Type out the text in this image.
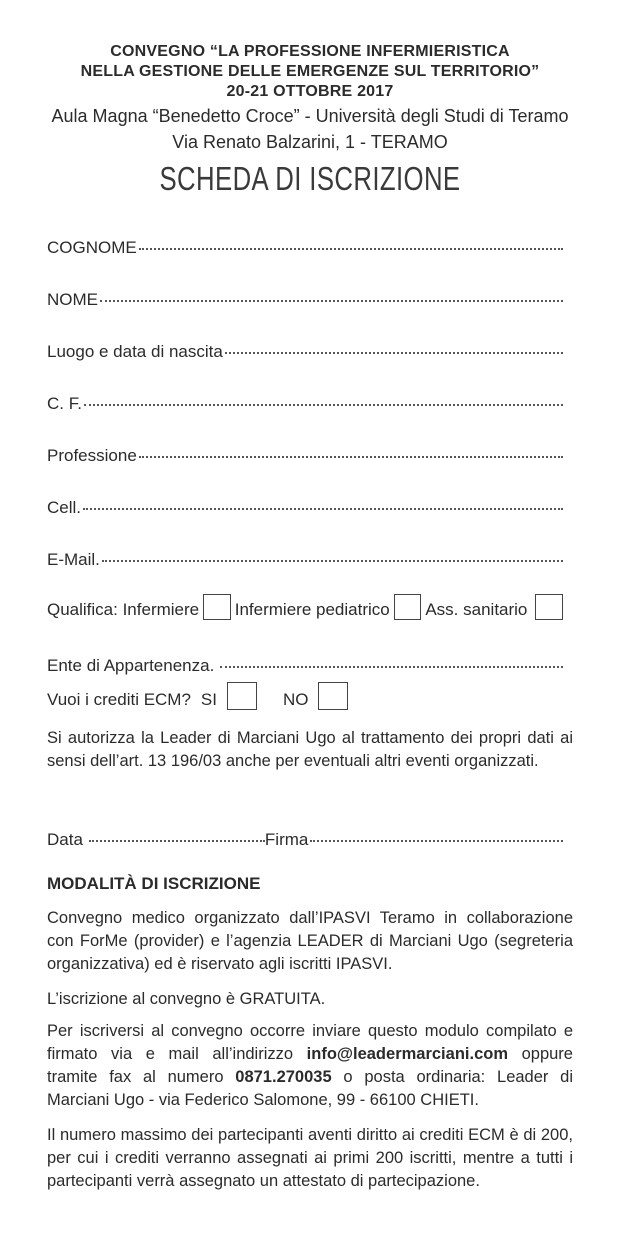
CONVEGNO “LA PROFESSIONE INFERMIERISTICA
NELLA GESTIONE DELLE EMERGENZE SUL TERRITORIO”
20-21 OTTOBRE 2017
Aula Magna “Benedetto Croce” - Università degli Studi di Teramo
Via Renato Balzarini, 1 - TERAMO
SCHEDA DI ISCRIZIONE
COGNOME
NOME
Luogo e data di nascita
C. F.
Professione
Cell.
E-Mail.
Qualifica: Infermiere Infermiere pediatrico Ass. sanitario
Ente di Appartenenza.
Vuoi i crediti ECM? SI	NO
Si autorizza la Leader di Marciani Ugo al trattamento dei propri dati ai sensi dell’art. 13 196/03 anche per eventuali altri eventi organizzati.
Data	Firma
MODALITÀ DI ISCRIZIONE
Convegno medico organizzato dall’IPASVI Teramo in collaborazione con ForMe (provider) e l’agenzia LEADER di Marciani Ugo (segreteria organizzativa) ed è riservato agli iscritti IPASVI.
L’iscrizione al convegno è GRATUITA.
Per iscriversi al convegno occorre inviare questo modulo compilato e firmato via e mail all’indirizzo info@leadermarciani.com oppure tramite fax al numero 0871.270035 o posta ordinaria: Leader di Marciani Ugo - via Federico Salomone, 99 - 66100 CHIETI.
Il numero massimo dei partecipanti aventi diritto ai crediti ECM è di 200, per cui i crediti verranno assegnati ai primi 200 iscritti, mentre a tutti i partecipanti verrà assegnato un attestato di partecipazione.
